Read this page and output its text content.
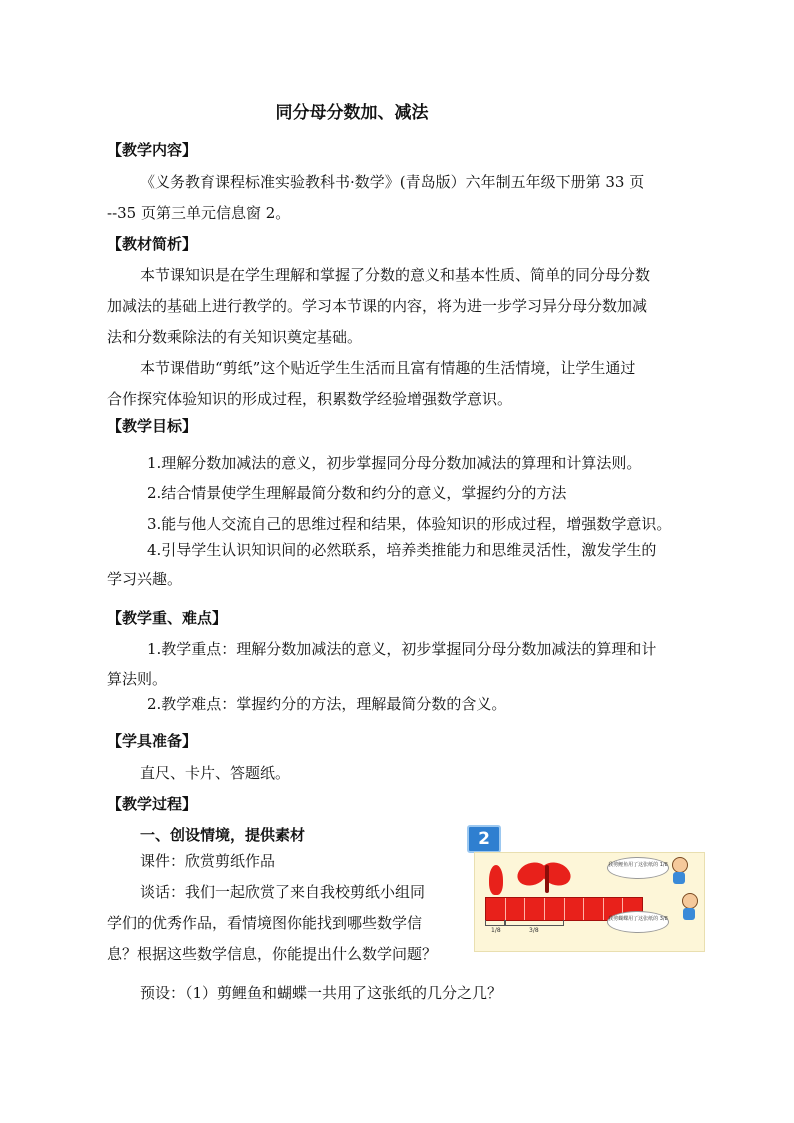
同分母分数加、减法
【教学内容】
《义务教育课程标准实验教科书·数学》(青岛版）六年制五年级下册第 33 页
--35 页第三单元信息窗 2。
【教材简析】
本节课知识是在学生理解和掌握了分数的意义和基本性质、简单的同分母分数
加减法的基础上进行教学的。学习本节课的内容，将为进一步学习异分母分数加减
法和分数乘除法的有关知识奠定基础。
本节课借助“剪纸”这个贴近学生生活而且富有情趣的生活情境，让学生通过
合作探究体验知识的形成过程，积累数学经验增强数学意识。
【教学目标】
1.理解分数加减法的意义，初步掌握同分母分数加减法的算理和计算法则。
2.结合情景使学生理解最简分数和约分的意义，掌握约分的方法
3.能与他人交流自己的思维过程和结果，体验知识的形成过程，增强数学意识。
4.引导学生认识知识间的必然联系，培养类推能力和思维灵活性，激发学生的
学习兴趣。
【教学重、难点】
1.教学重点：理解分数加减法的意义，初步掌握同分母分数加减法的算理和计
算法则。
2.教学难点：掌握约分的方法，理解最简分数的含义。
【学具准备】
直尺、卡片、答题纸。
【教学过程】
一、创设情境，提供素材
课件：欣赏剪纸作品
谈话：我们一起欣赏了来自我校剪纸小组同
学们的优秀作品，看情境图你能找到哪些数学信
息？根据这些数学信息，你能提出什么数学问题？
预设：（1）剪鲤鱼和蝴蝶一共用了这张纸的几分之几？
2
1/8	3/8
我剪鲤鱼用了这张纸的 1/8
我剪蝴蝶用了这张纸的 3/8
